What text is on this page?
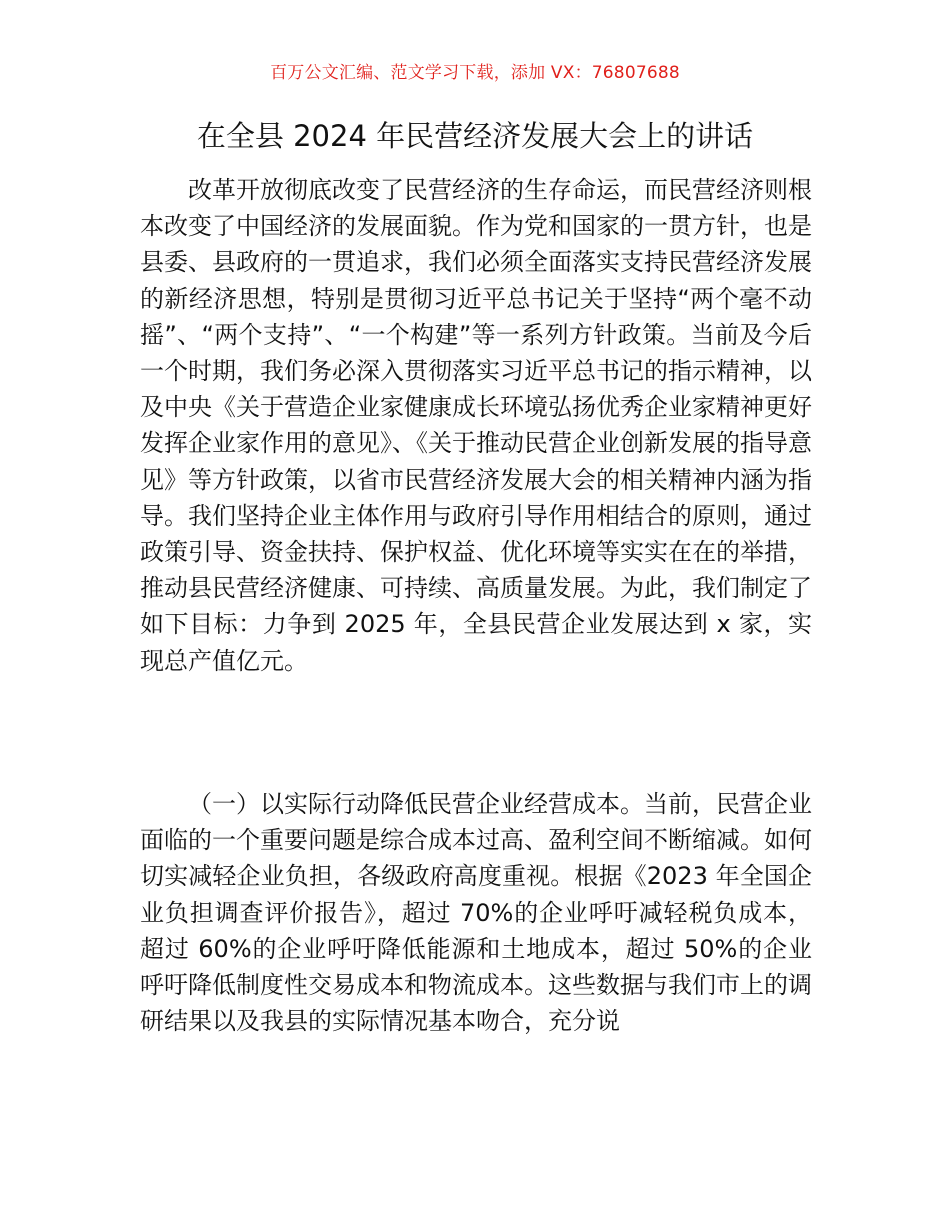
百万公文汇编、范文学习下载，添加 VX：76807688
在全县 2024 年民营经济发展大会上的讲话

改革开放彻底改变了民营经济的生存命运，而民营经济则根本改变了中国经济的发展面貌。作为党和国家的一贯方针，也是县委、县政府的一贯追求，我们必须全面落实支持民营经济发展的新经济思想，特别是贯彻习近平总书记关于坚持“两个毫不动摇”、“两个支持”、“一个构建”等一系列方针政策。当前及今后一个时期，我们务必深入贯彻落实习近平总书记的指示精神，以及中央《关于营造企业家健康成长环境弘扬优秀企业家精神更好发挥企业家作用的意见》、《关于推动民营企业创新发展的指导意见》等方针政策，以省市民营经济发展大会的相关精神内涵为指导。我们坚持企业主体作用与政府引导作用相结合的原则，通过政策引导、资金扶持、保护权益、优化环境等实实在在的举措，推动县民营经济健康、可持续、高质量发展。为此，我们制定了如下目标：力争到 2025 年，全县民营企业发展达到 x 家，实现总产值亿元。

（一）以实际行动降低民营企业经营成本。当前，民营企业面临的一个重要问题是综合成本过高、盈利空间不断缩减。如何切实减轻企业负担，各级政府高度重视。根据《2023 年全国企业负担调查评价报告》，超过 70%的企业呼吁减轻税负成本，超过 60%的企业呼吁降低能源和土地成本，超过 50%的企业呼吁降低制度性交易成本和物流成本。这些数据与我们市上的调研结果以及我县的实际情况基本吻合，充分说
